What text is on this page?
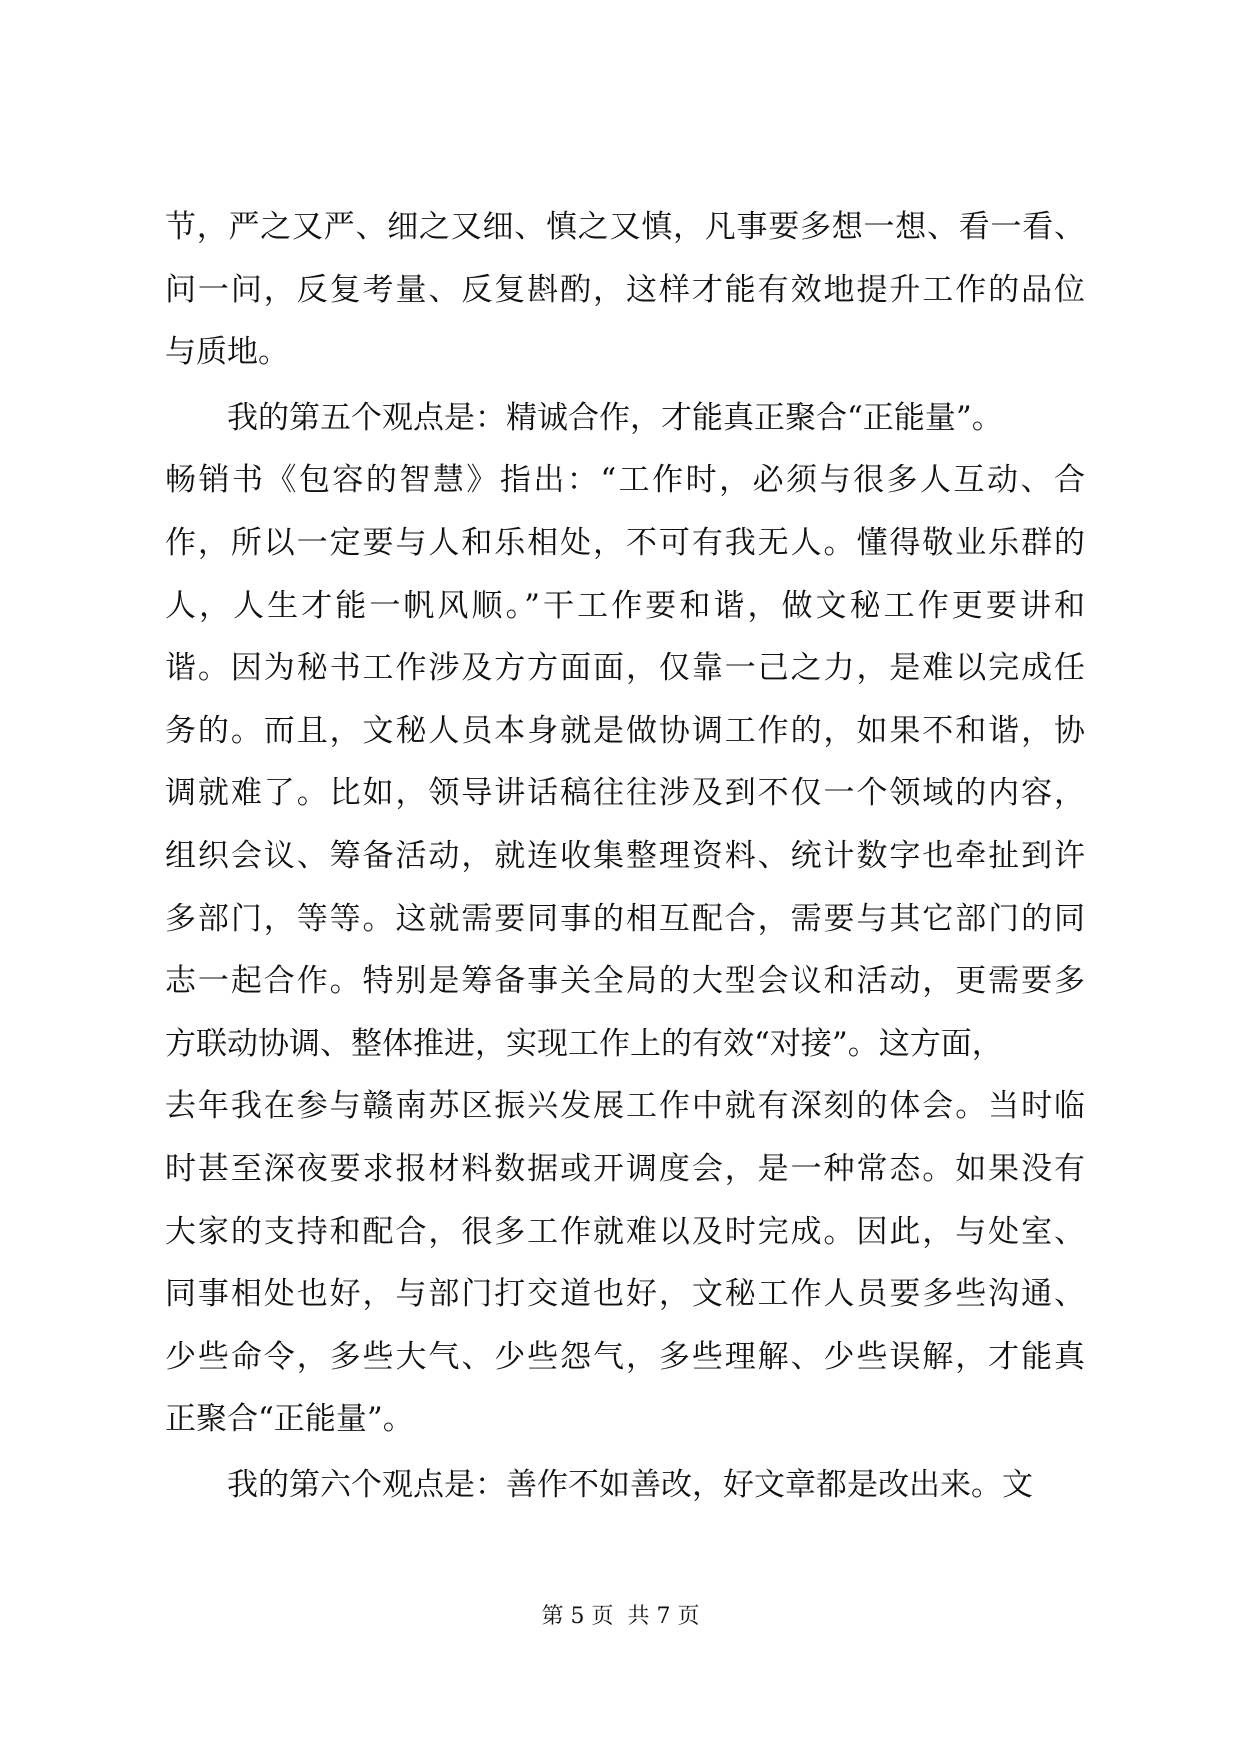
节，严之又严、细之又细、慎之又慎，凡事要多想一想、看一看、
问一问，反复考量、反复斟酌，这样才能有效地提升工作的品位
与质地。
我的第五个观点是：精诚合作，才能真正聚合“正能量”。
畅销书《包容的智慧》指出：“工作时，必须与很多人互动、合
作，所以一定要与人和乐相处，不可有我无人。懂得敬业乐群的
人，人生才能一帆风顺。”干工作要和谐，做文秘工作更要讲和
谐。因为秘书工作涉及方方面面，仅靠一己之力，是难以完成任
务的。而且，文秘人员本身就是做协调工作的，如果不和谐，协
调就难了。比如，领导讲话稿往往涉及到不仅一个领域的内容，
组织会议、筹备活动，就连收集整理资料、统计数字也牵扯到许
多部门，等等。这就需要同事的相互配合，需要与其它部门的同
志一起合作。特别是筹备事关全局的大型会议和活动，更需要多
方联动协调、整体推进，实现工作上的有效“对接”。这方面，
去年我在参与赣南苏区振兴发展工作中就有深刻的体会。当时临
时甚至深夜要求报材料数据或开调度会，是一种常态。如果没有
大家的支持和配合，很多工作就难以及时完成。因此，与处室、
同事相处也好，与部门打交道也好，文秘工作人员要多些沟通、
少些命令，多些大气、少些怨气，多些理解、少些误解，才能真
正聚合“正能量”。
我的第六个观点是：善作不如善改，好文章都是改出来。文
第 5 页  共 7 页
